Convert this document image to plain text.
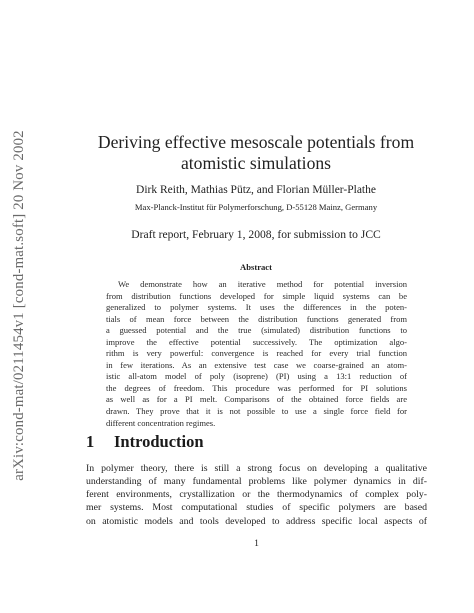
arXiv:cond-mat/0211454v1 [cond-mat.soft] 20 Nov 2002	Deriving effective mesoscale potentials from
atomistic simulations
Dirk Reith, Mathias Pütz, and Florian Müller-Plathe
Max-Planck-Institut für Polymerforschung, D-55128 Mainz, Germany
Draft report, February 1, 2008, for submission to JCC
Abstract
We demonstrate how an iterative method for potential inversion
from distribution functions developed for simple liquid systems can be
generalized to polymer systems. It uses the differences in the poten-
tials of mean force between the distribution functions generated from
a guessed potential and the true (simulated) distribution functions to
improve the effective potential successively. The optimization algo-
rithm is very powerful: convergence is reached for every trial function
in few iterations. As an extensive test case we coarse-grained an atom-
istic all-atom model of poly (isoprene) (PI) using a 13:1 reduction of
the degrees of freedom. This procedure was performed for PI solutions
as well as for a PI melt. Comparisons of the obtained force fields are
drawn. They prove that it is not possible to use a single force field for
different concentration regimes.
1 Introduction
In polymer theory, there is still a strong focus on developing a qualitative
understanding of many fundamental problems like polymer dynamics in dif-
ferent environments, crystallization or the thermodynamics of complex poly-
mer systems. Most computational studies of specific polymers are based
on atomistic models and tools developed to address specific local aspects of
1
